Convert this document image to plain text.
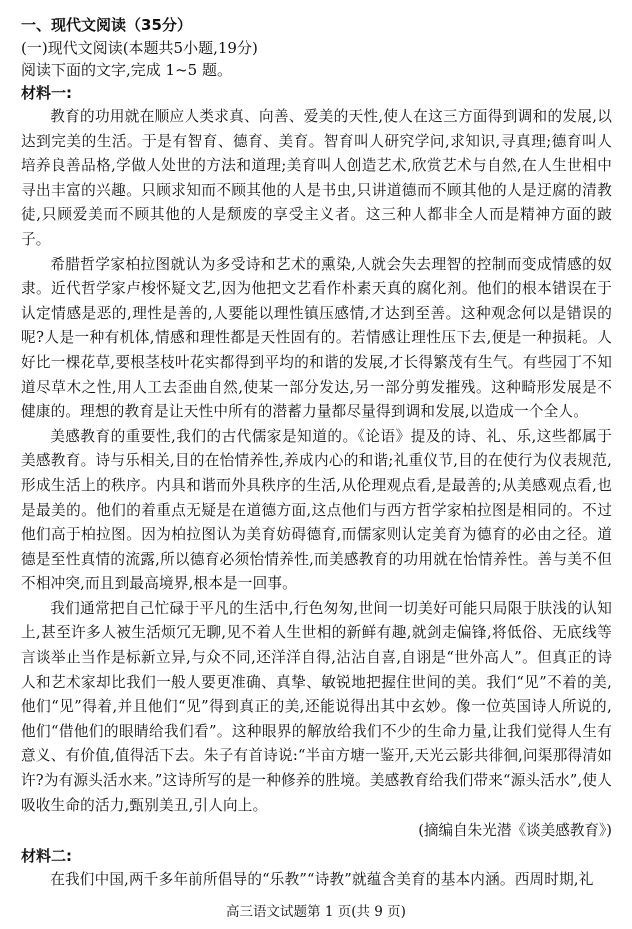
一、现代文阅读（35分）
(一)现代文阅读(本题共5小题,19分)
阅读下面的文字,完成 1~5 题。
材料一:

教育的功用就在顺应人类求真、向善、爱美的天性,使人在这三方面得到调和的发展,以达到完美的生活。于是有智育、德育、美育。智育叫人研究学问,求知识,寻真理;德育叫人培养良善品格,学做人处世的方法和道理;美育叫人创造艺术,欣赏艺术与自然,在人生世相中寻出丰富的兴趣。只顾求知而不顾其他的人是书虫,只讲道德而不顾其他的人是迂腐的清教徒,只顾爱美而不顾其他的人是颓废的享受主义者。这三种人都非全人而是精神方面的跛子。

希腊哲学家柏拉图就认为多受诗和艺术的熏染,人就会失去理智的控制而变成情感的奴隶。近代哲学家卢梭怀疑文艺,因为他把文艺看作朴素天真的腐化剂。他们的根本错误在于认定情感是恶的,理性是善的,人要能以理性镇压感情,才达到至善。这种观念何以是错误的呢?人是一种有机体,情感和理性都是天性固有的。若情感让理性压下去,便是一种损耗。人好比一棵花草,要根茎枝叶花实都得到平均的和谐的发展,才长得繁茂有生气。有些园丁不知道尽草木之性,用人工去歪曲自然,使某一部分发达,另一部分剪发摧残。这种畸形发展是不健康的。理想的教育是让天性中所有的潜蓄力量都尽量得到调和发展,以造成一个全人。

美感教育的重要性,我们的古代儒家是知道的。《论语》提及的诗、礼、乐,这些都属于美感教育。诗与乐相关,目的在怡情养性,养成内心的和谐;礼重仪节,目的在使行为仪表规范,形成生活上的秩序。内具和谐而外具秩序的生活,从伦理观点看,是最善的;从美感观点看,也是最美的。他们的着重点无疑是在道德方面,这点他们与西方哲学家柏拉图是相同的。不过他们高于柏拉图。因为柏拉图认为美育妨碍德育,而儒家则认定美育为德育的必由之径。道德是至性真情的流露,所以德育必须怡情养性,而美感教育的功用就在怡情养性。善与美不但不相冲突,而且到最高境界,根本是一回事。

我们通常把自己忙碌于平凡的生活中,行色匆匆,世间一切美好可能只局限于肤浅的认知上,甚至许多人被生活烦冗无聊,见不着人生世相的新鲜有趣,就剑走偏锋,将低俗、无底线等言谈举止当作是标新立异,与众不同,还洋洋自得,沾沾自喜,自诩是“世外高人”。但真正的诗人和艺术家却比我们一般人要更准确、真挚、敏锐地把握住世间的美。我们“见”不着的美,他们“见”得着,并且他们“见”得到真正的美,还能说得出其中玄妙。像一位英国诗人所说的,他们“借他们的眼睛给我们看”。这种眼界的解放给我们不少的生命力量,让我们觉得人生有意义、有价值,值得活下去。朱子有首诗说:“半亩方塘一鉴开,天光云影共徘徊,问渠那得清如许?为有源头活水来。”这诗所写的是一种修养的胜境。美感教育给我们带来“源头活水”,使人吸收生命的活力,甄别美丑,引人向上。

(摘编自朱光潜《谈美感教育》)
材料二:

在我们中国,两千多年前所倡导的“乐教”“诗教”就蕴含美育的基本内涵。西周时期,礼

高三语文试题第 1 页(共 9 页)
